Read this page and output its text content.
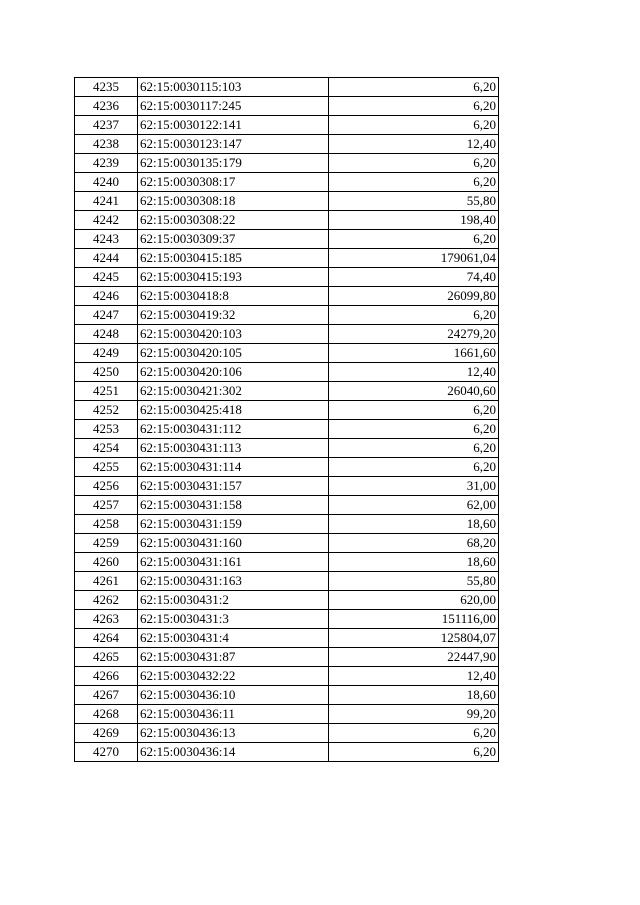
4235	62:15:0030115:103	6,20
4236	62:15:0030117:245	6,20
4237	62:15:0030122:141	6,20
4238	62:15:0030123:147	12,40
4239	62:15:0030135:179	6,20
4240	62:15:0030308:17	6,20
4241	62:15:0030308:18	55,80
4242	62:15:0030308:22	198,40
4243	62:15:0030309:37	6,20
4244	62:15:0030415:185	179061,04
4245	62:15:0030415:193	74,40
4246	62:15:0030418:8	26099,80
4247	62:15:0030419:32	6,20
4248	62:15:0030420:103	24279,20
4249	62:15:0030420:105	1661,60
4250	62:15:0030420:106	12,40
4251	62:15:0030421:302	26040,60
4252	62:15:0030425:418	6,20
4253	62:15:0030431:112	6,20
4254	62:15:0030431:113	6,20
4255	62:15:0030431:114	6,20
4256	62:15:0030431:157	31,00
4257	62:15:0030431:158	62,00
4258	62:15:0030431:159	18,60
4259	62:15:0030431:160	68,20
4260	62:15:0030431:161	18,60
4261	62:15:0030431:163	55,80
4262	62:15:0030431:2	620,00
4263	62:15:0030431:3	151116,00
4264	62:15:0030431:4	125804,07
4265	62:15:0030431:87	22447,90
4266	62:15:0030432:22	12,40
4267	62:15:0030436:10	18,60
4268	62:15:0030436:11	99,20
4269	62:15:0030436:13	6,20
4270	62:15:0030436:14	6,20
